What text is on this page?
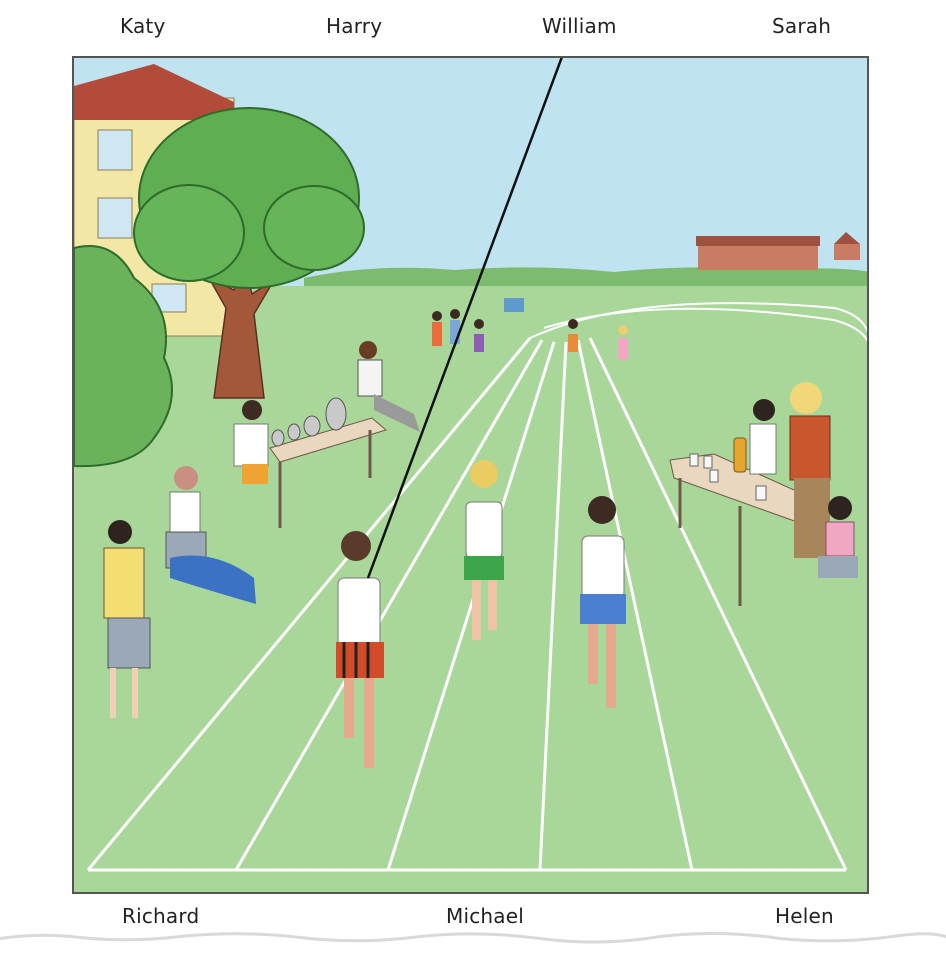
Katy	Harry	William	Sarah
Richard	Michael	Helen
